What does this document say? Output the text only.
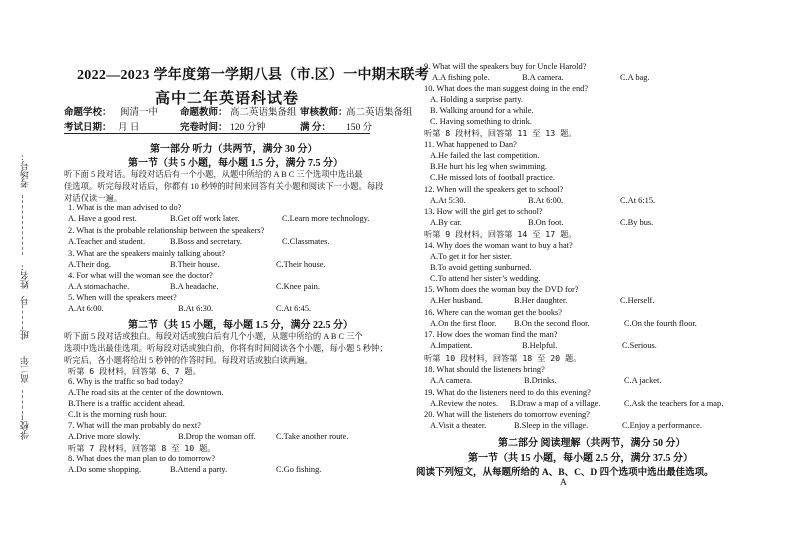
考场号：
姓名：
号
班
高二年
学校：
2022—2023 学年度第一学期八县（市.区）一中期末联考
高中二年英语科试卷
命题学校： 闽清一中 命题教师： 高二英语集备组 审核教师：
高二英语集备组
考试日期： 月 日	完卷时间： 120 分钟	满 分： 150 分
第一部分 听力（共两节，满分 30 分）
第一节（共 5 小题，每小题 1.5 分，满分 7.5 分）
听下面 5 段对话。每段对话后有一个小题，从题中所给的 A B C 三个选项中选出最
佳选项。听完每段对话后，你都有 10 秒钟的时间来回答有关小题和阅读下一小题。每段
对话仅读一遍。
1. What is the man advised to do?
A. Have a good rest.	B.Get off work later.	C.Learn more technology.
2. What is the probable relationship between the speakers?
A.Teacher and student.	B.Boss and secretary.	C.Classmates.
3. What are the speakers mainly talking about?
A.Their dog.	B.Their house.	C.Their house.
4. For what will the woman see the doctor?
A.A stomachache.	B.A headache.	C.Knee pain.
5. When will the speakers meet?
A.At 6:00.	B.At 6:30.	C.At 6:45.
第二节（共 15 小题，每小题 1.5 分，满分 22.5 分）
听下面 5 段对话或独白。每段对话或独白后有几个小题，从题中所给的 A B C 三个
选项中选出最佳选项。听每段对话或独白前，你将有时间阅读各个小题，每小题 5 秒钟；
听完后，各小题将给出 5 秒钟的作答时间。每段对话或独白读两遍。
听第 6 段材料，回答第 6、7 题。
6. Why is the traffic so bad today?
A.The road sits at the center of the downtown.
B.There is a traffic accident ahead.
C.It is the morning rush hour.
7. What will the man probably do next?
A.Drive more slowly.	B.Drop the woman off. C.Take another route.
听第 7 段材料，回答第 8 至 10 题。
8. What does the man plan to do tomorrow?
A.Do some shopping.	B.Attend a party.	C.Go fishing.
9. What will the speakers buy for Uncle Harold?
A.A fishing pole.	B.A camera.	C.A bag.
10. What does the man suggest doing in the end?
A. Holding a surprise party.
B. Walking around for a while.
C. Having something to drink.
听第 8 段材料，回答第 11 至 13 题。
11. What happened to Dan?
A.He failed the last competition.
B.He hurt his leg when swimming.
C.He missed lots of football practice.
12. When will the speakers get to school?
A.At 5:30.	B.At 6:00.	C.At 6:15.
13. How will the girl get to school?
A.By car.	B.On foot.	C.By bus.
听第 9 段材料，回答第 14 至 17 题。
14. Why does the woman want to buy a hat?
A.To get it for her sister.
B.To avoid getting sunburned.
C.To attend her sister’s wedding.
15. Whom does the woman buy the DVD for?
A.Her husband.	B.Her daughter.	C.Herself.
16. Where can the woman get the books?
A.On the first floor. B.On the second floor.	C.On the fourth floor.
17. How does the woman find the man?
A.Impatient.	B.Helpful.	C.Serious.
听第 10 段材料，回答第 18 至 20 题。
18. What should the listeners bring?
A.A camera.	B.Drinks.	C.A jacket.
19. What do the listeners need to do this evening?
A.Review the notes. B.Draw a map of a village.	C.Ask the teachers for a map.
20. What will the listeners do tomorrow evening?
A.Visit a theater.	B.Sleep in the village.	C.Enjoy a performance.
第二部分 阅读理解（共两节，满分 50 分）
第一节（共 15 小题，每小题 2.5 分，满分 37.5 分）
阅读下列短文，从每题所给的 A、B、C、D 四个选项中选出最佳选项。
A
